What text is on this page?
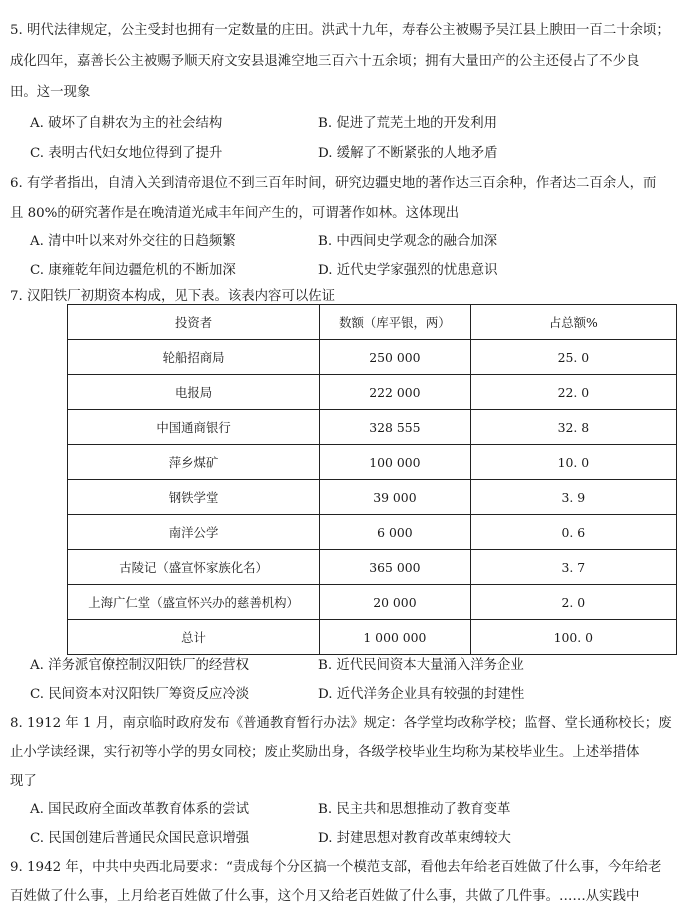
5. 明代法律规定，公主受封也拥有一定数量的庄田。洪武十九年，寿春公主被赐予吴江县上腴田一百二十余顷；
成化四年，嘉善长公主被赐予顺天府文安县退滩空地三百六十五余顷；拥有大量田产的公主还侵占了不少良
田。这一现象
A. 破坏了自耕农为主的社会结构	B. 促进了荒芜土地的开发利用
C. 表明古代妇女地位得到了提升	D. 缓解了不断紧张的人地矛盾
6. 有学者指出，自清入关到清帝退位不到三百年时间，研究边疆史地的著作达三百余种，作者达二百余人，而
且 80%的研究著作是在晚清道光咸丰年间产生的，可谓著作如林。这体现出
A. 清中叶以来对外交往的日趋频繁	B. 中西间史学观念的融合加深
C. 康雍乾年间边疆危机的不断加深	D. 近代史学家强烈的忧患意识
7. 汉阳铁厂初期资本构成，见下表。该表内容可以佐证
投资者	数额（库平银，两）	占总额%
轮船招商局	250 000	25. 0
电报局	222 000	22. 0
中国通商银行	328 555	32. 8
萍乡煤矿	100 000	10. 0
钢铁学堂	39 000	3. 9
南洋公学	6 000	0. 6
古陵记（盛宣怀家族化名）	365 000	3. 7
上海广仁堂（盛宣怀兴办的慈善机构）	20 000	2. 0
总计	1 000 000	100. 0
A. 洋务派官僚控制汉阳铁厂的经营权	B. 近代民间资本大量涌入洋务企业
C. 民间资本对汉阳铁厂筹资反应冷淡	D. 近代洋务企业具有较强的封建性
8. 1912 年 1 月，南京临时政府发布《普通教育暂行办法》规定：各学堂均改称学校；监督、堂长通称校长；废
止小学读经课，实行初等小学的男女同校；废止奖励出身，各级学校毕业生均称为某校毕业生。上述举措体
现了
A. 国民政府全面改革教育体系的尝试	B. 民主共和思想推动了教育变革
C. 民国创建后普通民众国民意识增强	D. 封建思想对教育改革束缚较大
9. 1942 年，中共中央西北局要求：“责成每个分区搞一个模范支部，看他去年给老百姓做了什么事，今年给老
百姓做了什么事，上月给老百姓做了什么事，这个月又给老百姓做了什么事，共做了几件事。……从实践中
